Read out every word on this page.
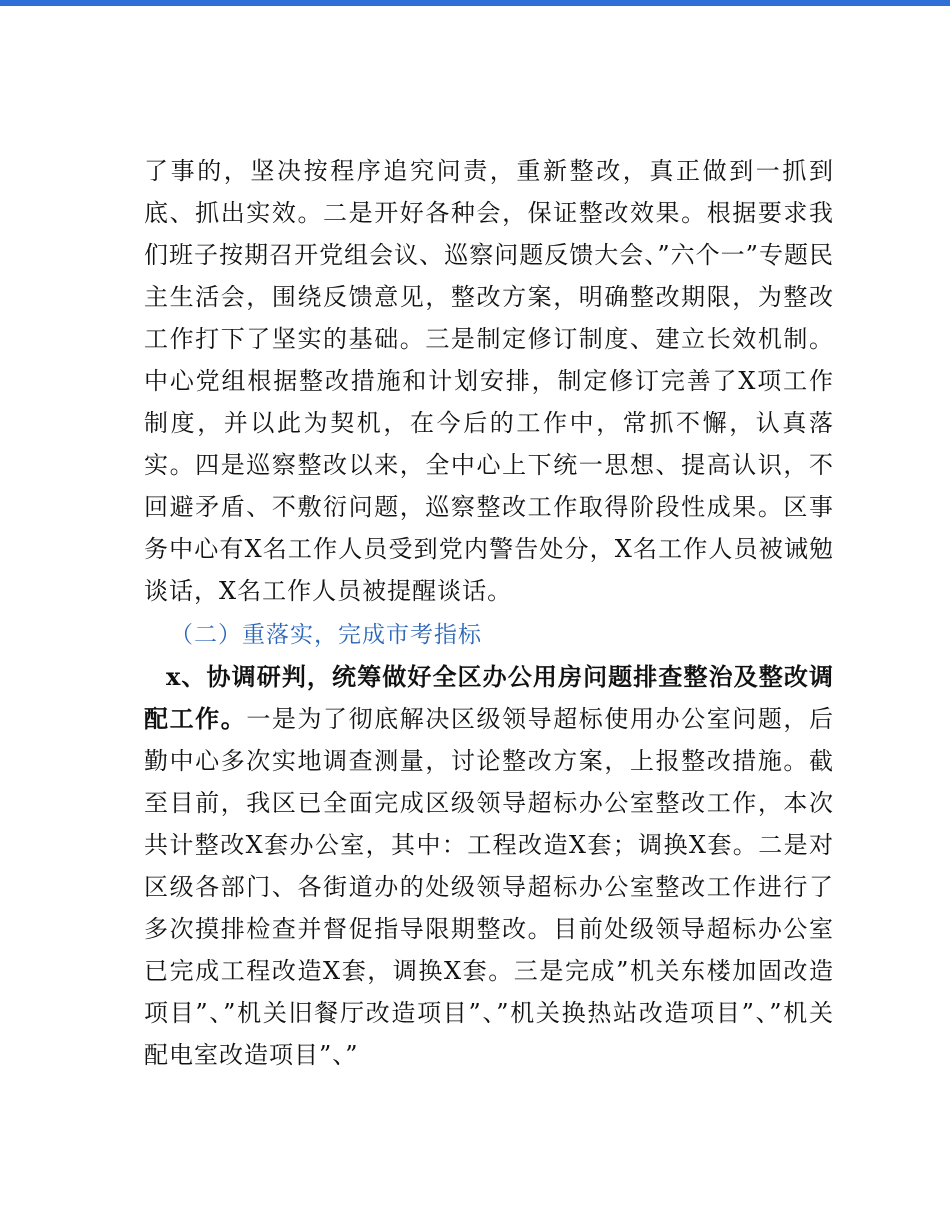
了事的，坚决按程序追究问责，重新整改，真正做到一抓到底、抓出实效。二是开好各种会，保证整改效果。根据要求我们班子按期召开党组会议、巡察问题反馈大会、”六个一”专题民主生活会，围绕反馈意见，整改方案，明确整改期限，为整改工作打下了坚实的基础。三是制定修订制度、建立长效机制。中心党组根据整改措施和计划安排，制定修订完善了X项工作制度，并以此为契机，在今后的工作中，常抓不懈，认真落实。四是巡察整改以来，全中心上下统一思想、提高认识，不回避矛盾、不敷衍问题，巡察整改工作取得阶段性成果。区事务中心有X名工作人员受到党内警告处分，X名工作人员被诫勉谈话，X名工作人员被提醒谈话。

（二）重落实，完成市考指标

x、协调研判，统筹做好全区办公用房问题排查整治及整改调配工作。一是为了彻底解决区级领导超标使用办公室问题，后勤中心多次实地调查测量，讨论整改方案，上报整改措施。截至目前，我区已全面完成区级领导超标办公室整改工作，本次共计整改X套办公室，其中：工程改造X套；调换X套。二是对区级各部门、各街道办的处级领导超标办公室整改工作进行了多次摸排检查并督促指导限期整改。目前处级领导超标办公室已完成工程改造X套，调换X套。三是完成”机关东楼加固改造项目”、”机关旧餐厅改造项目”、”机关换热站改造项目”、”机关配电室改造项目”、”
